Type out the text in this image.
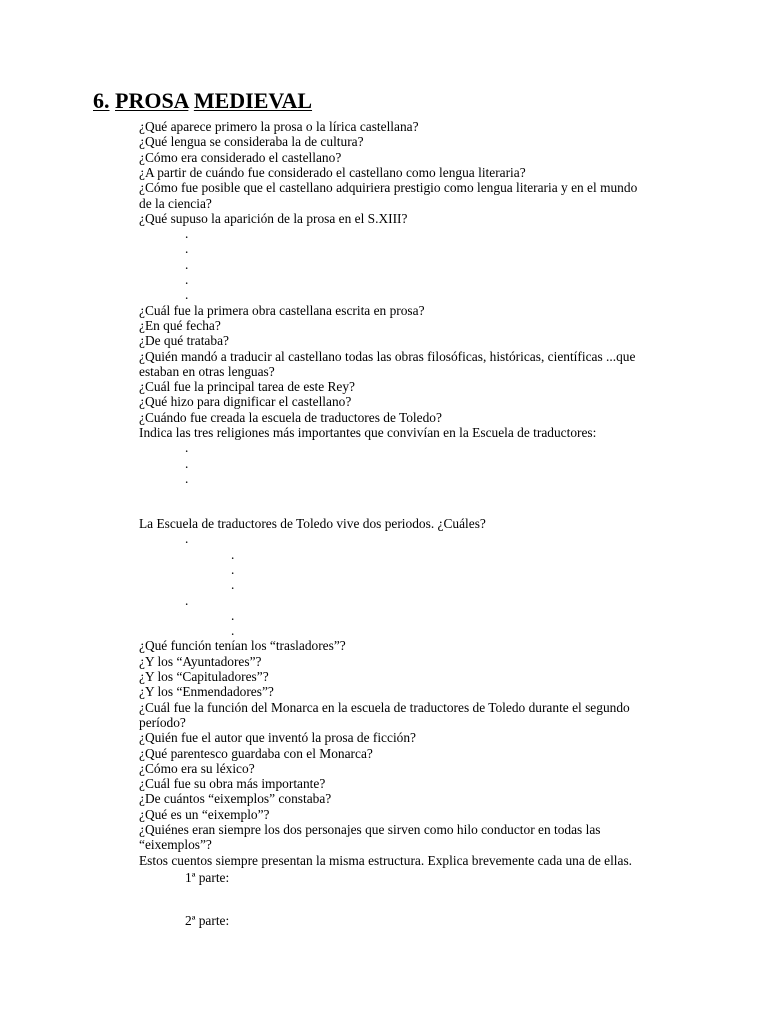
6. PROSA MEDIEVAL
¿Qué aparece primero la prosa o la lírica castellana?
¿Qué lengua se consideraba la de cultura?
¿Cómo era considerado el castellano?
¿A partir de cuándo fue considerado el castellano como lengua literaria?
¿Cómo fue posible que el castellano adquiriera prestigio como lengua literaria y en el mundo
de la ciencia?
¿Qué supuso la aparición de la prosa en el S.XIII?
.
.
.
.
.
¿Cuál fue la primera obra castellana escrita en prosa?
¿En qué fecha?
¿De qué trataba?
¿Quién mandó a traducir al castellano todas las obras filosóficas, históricas, científicas ...que
estaban en otras lenguas?
¿Cuál fue la principal tarea de este Rey?
¿Qué hizo para dignificar el castellano?
¿Cuándo fue creada la escuela de traductores de Toledo?
Indica las tres religiones más importantes que convivían en la Escuela de traductores:
.
.
.
La Escuela de traductores de Toledo vive dos periodos. ¿Cuáles?
.
.
.
.
.
.
.
¿Qué función tenían los “trasladores”?
¿Y los “Ayuntadores”?
¿Y los “Capituladores”?
¿Y los “Enmendadores”?
¿Cuál fue la función del Monarca en la escuela de traductores de Toledo durante el segundo
período?
¿Quién fue el autor que inventó la prosa de ficción?
¿Qué parentesco guardaba con el Monarca?
¿Cómo era su léxico?
¿Cuál fue su obra más importante?
¿De cuántos “eixemplos” constaba?
¿Qué es un “eixemplo”?
¿Quiénes eran siempre los dos personajes que sirven como hilo conductor en todas las
“eixemplos”?
Estos cuentos siempre presentan la misma estructura. Explica brevemente cada una de ellas.
1ª parte:
2ª parte:
